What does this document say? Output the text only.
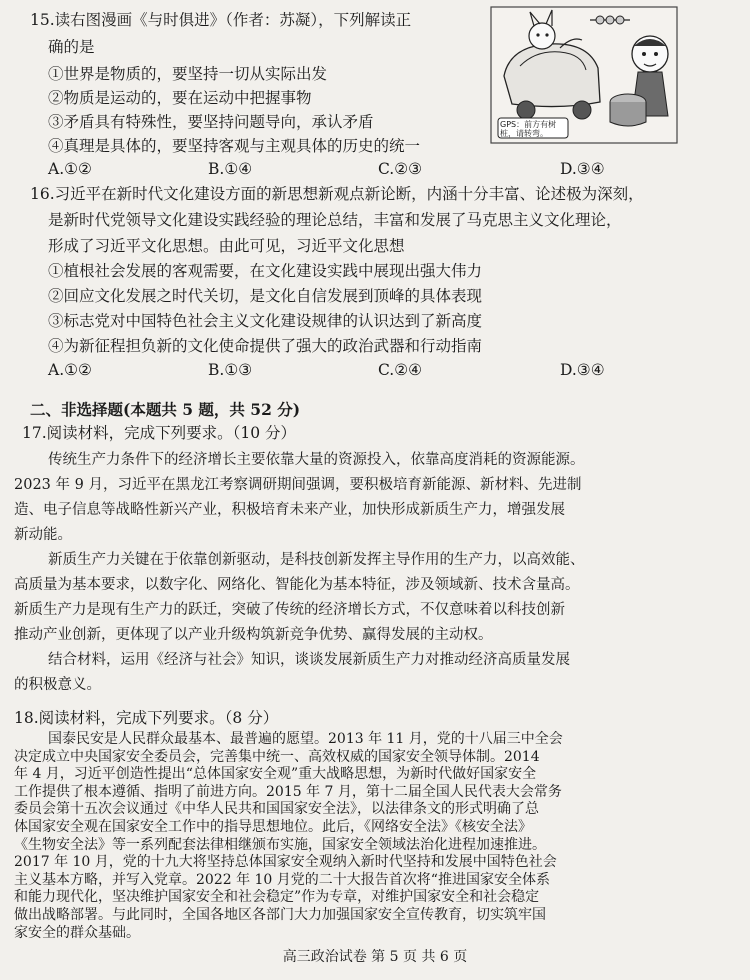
15.读右图漫画《与时俱进》（作者：苏凝），下列解读正
确的是
①世界是物质的，要坚持一切从实际出发
②物质是运动的，要在运动中把握事物
③矛盾具有特殊性，要坚持问题导向，承认矛盾
④真理是具体的，要坚持客观与主观具体的历史的统一
A.①②	B.①④	C.②③	D.③④
GPS：前方有树桩，请转弯。
16.习近平在新时代文化建设方面的新思想新观点新论断，内涵十分丰富、论述极为深刻，
是新时代党领导文化建设实践经验的理论总结，丰富和发展了马克思主义文化理论，
形成了习近平文化思想。由此可见，习近平文化思想
①植根社会发展的客观需要，在文化建设实践中展现出强大伟力
②回应文化发展之时代关切，是文化自信发展到顶峰的具体表现
③标志党对中国特色社会主义文化建设规律的认识达到了新高度
④为新征程担负新的文化使命提供了强大的政治武器和行动指南
A.①②	B.①③	C.②④	D.③④
二、非选择题(本题共 5 题，共 52 分)
17.阅读材料，完成下列要求。（10 分）
传统生产力条件下的经济增长主要依靠大量的资源投入，依靠高度消耗的资源能源。
2023 年 9 月，习近平在黑龙江考察调研期间强调，要积极培育新能源、新材料、先进制
造、电子信息等战略性新兴产业，积极培育未来产业，加快形成新质生产力，增强发展
新动能。
新质生产力关键在于依靠创新驱动，是科技创新发挥主导作用的生产力，以高效能、
高质量为基本要求，以数字化、网络化、智能化为基本特征，涉及领域新、技术含量高。
新质生产力是现有生产力的跃迁，突破了传统的经济增长方式，不仅意味着以科技创新
推动产业创新，更体现了以产业升级构筑新竞争优势、赢得发展的主动权。
结合材料，运用《经济与社会》知识，谈谈发展新质生产力对推动经济高质量发展
的积极意义。
18.阅读材料，完成下列要求。（8 分）
国泰民安是人民群众最基本、最普遍的愿望。2013 年 11 月，党的十八届三中全会
决定成立中央国家安全委员会，完善集中统一、高效权威的国家安全领导体制。2014
年 4 月，习近平创造性提出“总体国家安全观”重大战略思想，为新时代做好国家安全
工作提供了根本遵循、指明了前进方向。2015 年 7 月，第十二届全国人民代表大会常务
委员会第十五次会议通过《中华人民共和国国家安全法》，以法律条文的形式明确了总
体国家安全观在国家安全工作中的指导思想地位。此后，《网络安全法》《核安全法》
《生物安全法》等一系列配套法律相继颁布实施，国家安全领域法治化进程加速推进。
2017 年 10 月，党的十九大将坚持总体国家安全观纳入新时代坚持和发展中国特色社会
主义基本方略，并写入党章。2022 年 10 月党的二十大报告首次将“推进国家安全体系
和能力现代化，坚决维护国家安全和社会稳定”作为专章，对维护国家安全和社会稳定
做出战略部署。与此同时，全国各地区各部门大力加强国家安全宣传教育，切实筑牢国
家安全的群众基础。
高三政治试卷 第 5 页 共 6 页
